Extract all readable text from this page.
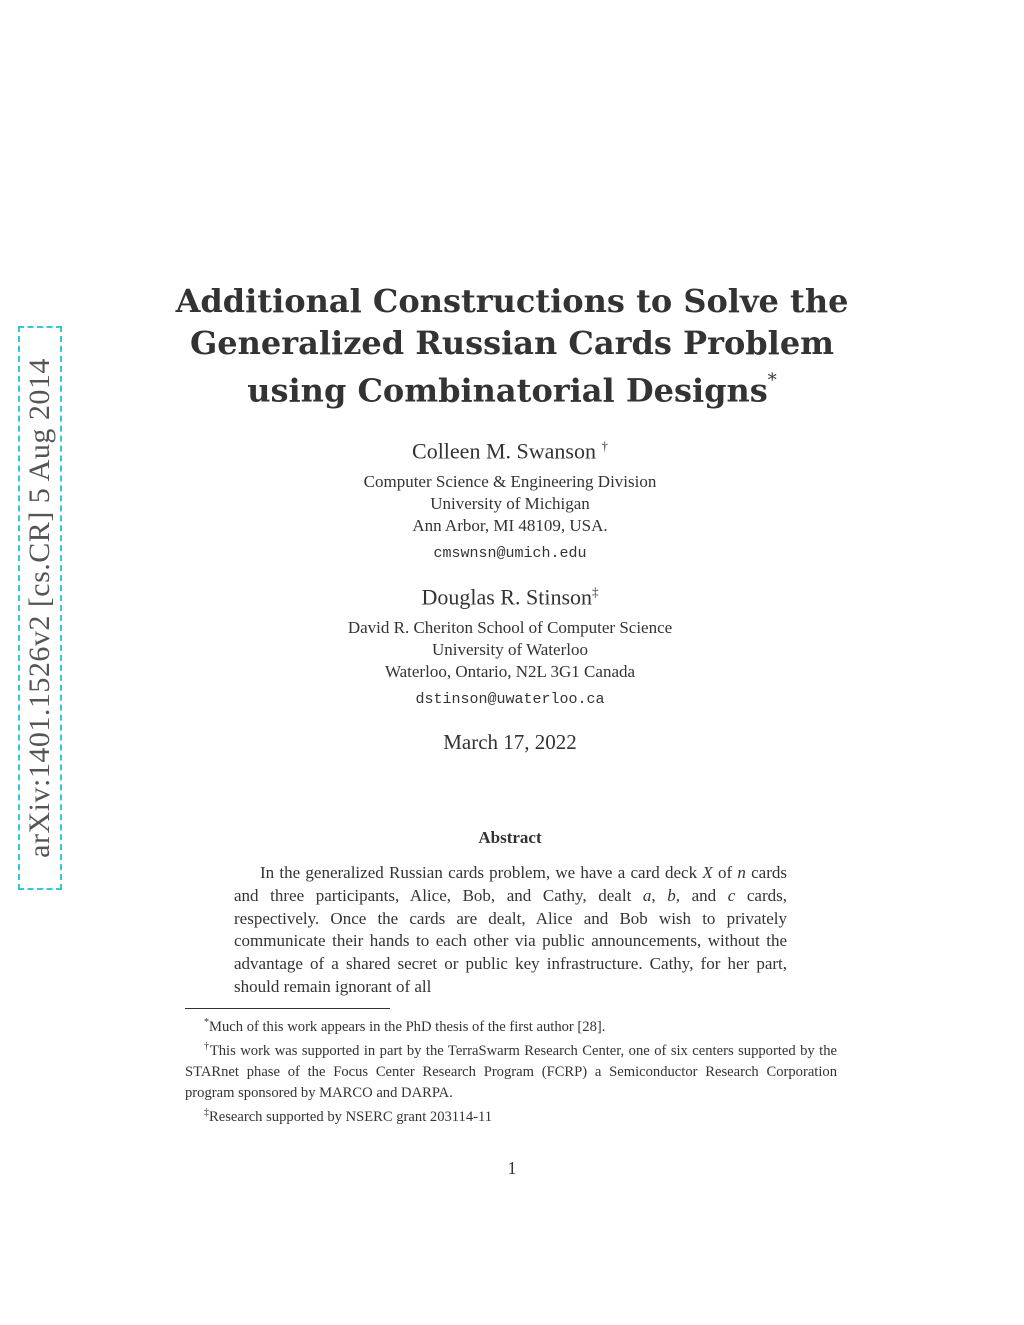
arXiv:1401.1526v2 [cs.CR] 5 Aug 2014
Additional Constructions to Solve the
Generalized Russian Cards Problem
using Combinatorial Designs*
Colleen M. Swanson †
Computer Science & Engineering Division
University of Michigan
Ann Arbor, MI 48109, USA.
cmswnsn@umich.edu
Douglas R. Stinson‡
David R. Cheriton School of Computer Science
University of Waterloo
Waterloo, Ontario, N2L 3G1 Canada
dstinson@uwaterloo.ca
March 17, 2022
Abstract
In the generalized Russian cards problem, we have a card deck X of n cards and three participants, Alice, Bob, and Cathy, dealt a, b, and c cards, respectively. Once the cards are dealt, Alice and Bob wish to privately communicate their hands to each other via public announcements, without the advantage of a shared secret or public key infrastructure. Cathy, for her part, should remain ignorant of all
*Much of this work appears in the PhD thesis of the first author [28].
†This work was supported in part by the TerraSwarm Research Center, one of six centers supported by the STARnet phase of the Focus Center Research Program (FCRP) a Semiconductor Research Corporation program sponsored by MARCO and DARPA.
‡Research supported by NSERC grant 203114-11
1
